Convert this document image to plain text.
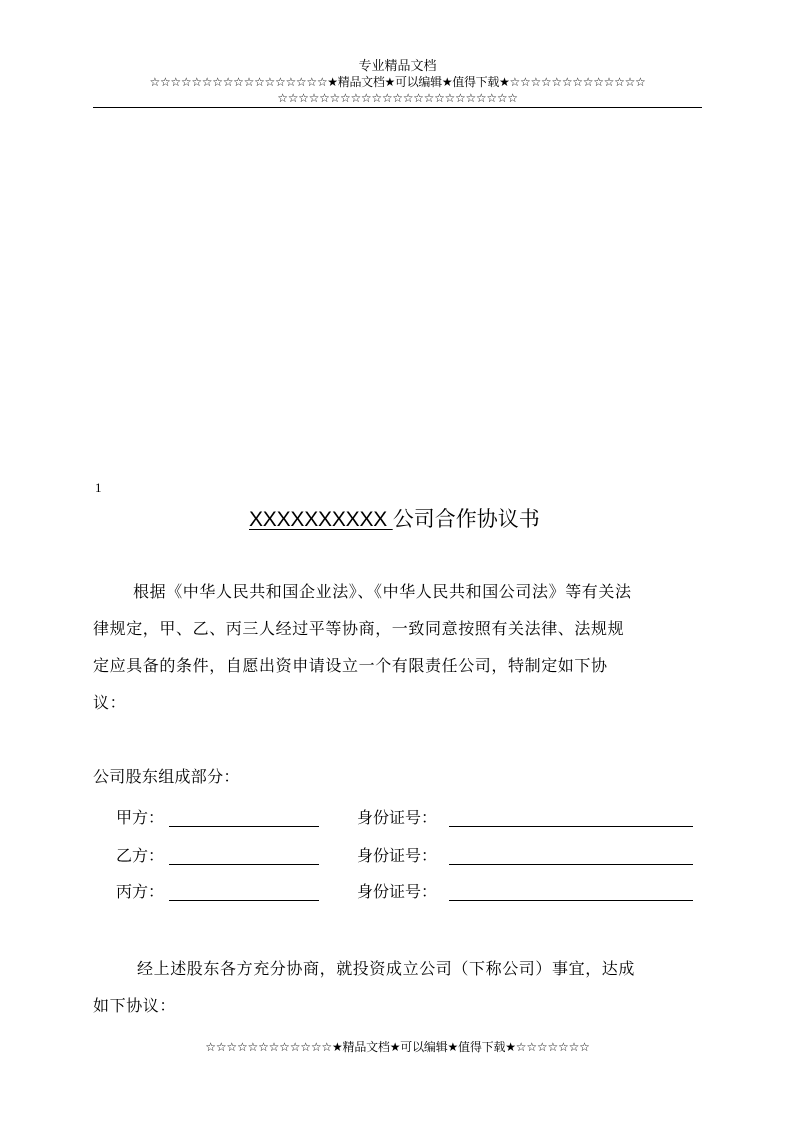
专业精品文档
☆☆☆☆☆☆☆☆☆☆☆☆☆☆☆☆☆★精品文档★可以编辑★值得下载★☆☆☆☆☆☆☆☆☆☆☆☆☆
☆☆☆☆☆☆☆☆☆☆☆☆☆☆☆☆☆☆☆☆☆☆☆
1
XXXXXXXXXX 公司合作协议书
根据《中华人民共和国企业法》、《中华人民共和国公司法》等有关法
律规定，甲、乙、丙三人经过平等协商，一致同意按照有关法律、法规规
定应具备的条件，自愿出资申请设立一个有限责任公司，特制定如下协
议：
公司股东组成部分：
甲方：	身份证号：
乙方：	身份证号：
丙方：	身份证号：
经上述股东各方充分协商，就投资成立公司（下称公司）事宜，达成
如下协议：
☆☆☆☆☆☆☆☆☆☆☆☆★精品文档★可以编辑★值得下载★☆☆☆☆☆☆☆
